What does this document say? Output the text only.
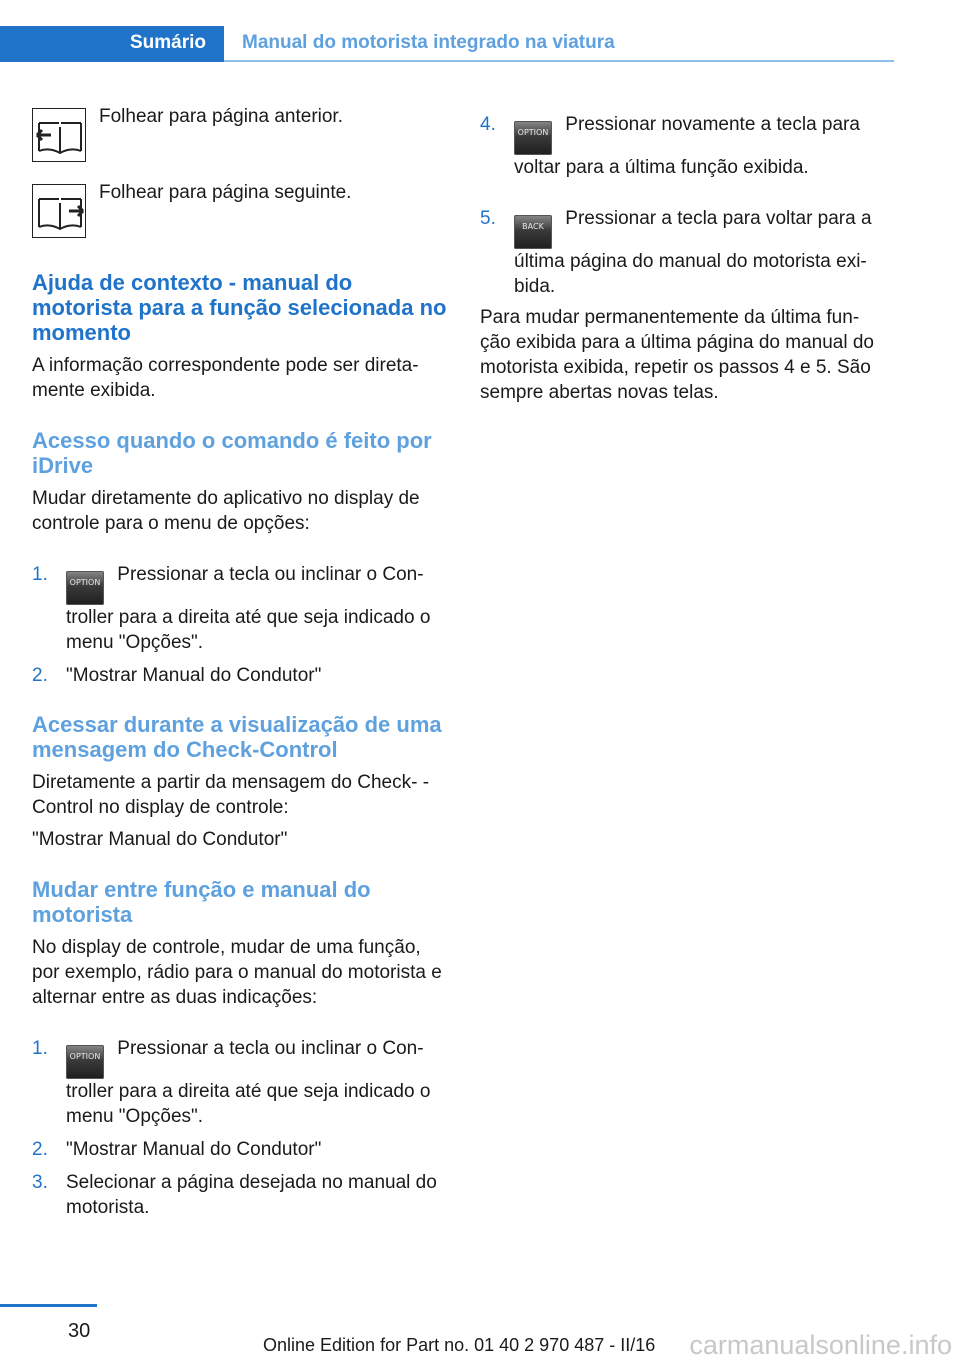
Sumário	Manual do motorista integrado na viatura
Folhear para página anterior.
Folhear para página seguinte.
Ajuda de contexto - manual do motorista para a função selecionada no momento

A informação correspondente pode ser direta‐ mente exibida.

Acesso quando o comando é feito por iDrive

Mudar diretamente do aplicativo no display de controle para o menu de opções:

1.	OPTION Pressionar a tecla ou inclinar o Con‐ troller para a direita até que seja indicado o menu "Opções".
2. "Mostrar Manual do Condutor"
Acessar durante a visualização de uma mensagem do Check-Control

Diretamente a partir da mensagem do Check- -Control no display de controle:

"Mostrar Manual do Condutor"

Mudar entre função e manual do motorista

No display de controle, mudar de uma função, por exemplo, rádio para o manual do motorista e alternar entre as duas indicações:

1.	OPTION Pressionar a tecla ou inclinar o Con‐ troller para a direita até que seja indicado o menu "Opções".
2. "Mostrar Manual do Condutor"
3. Selecionar a página desejada no manual do motorista.
4.	OPTION Pressionar novamente a tecla para voltar para a última função exibida.
5.	BACK Pressionar a tecla para voltar para a última página do manual do motorista exi‐ bida.

Para mudar permanentemente da última fun‐ ção exibida para a última página do manual do motorista exibida, repetir os passos 4 e 5. São sempre abertas novas telas.

30
Online Edition for Part no. 01 40 2 970 487 - II/16 carmanualsonline.info
